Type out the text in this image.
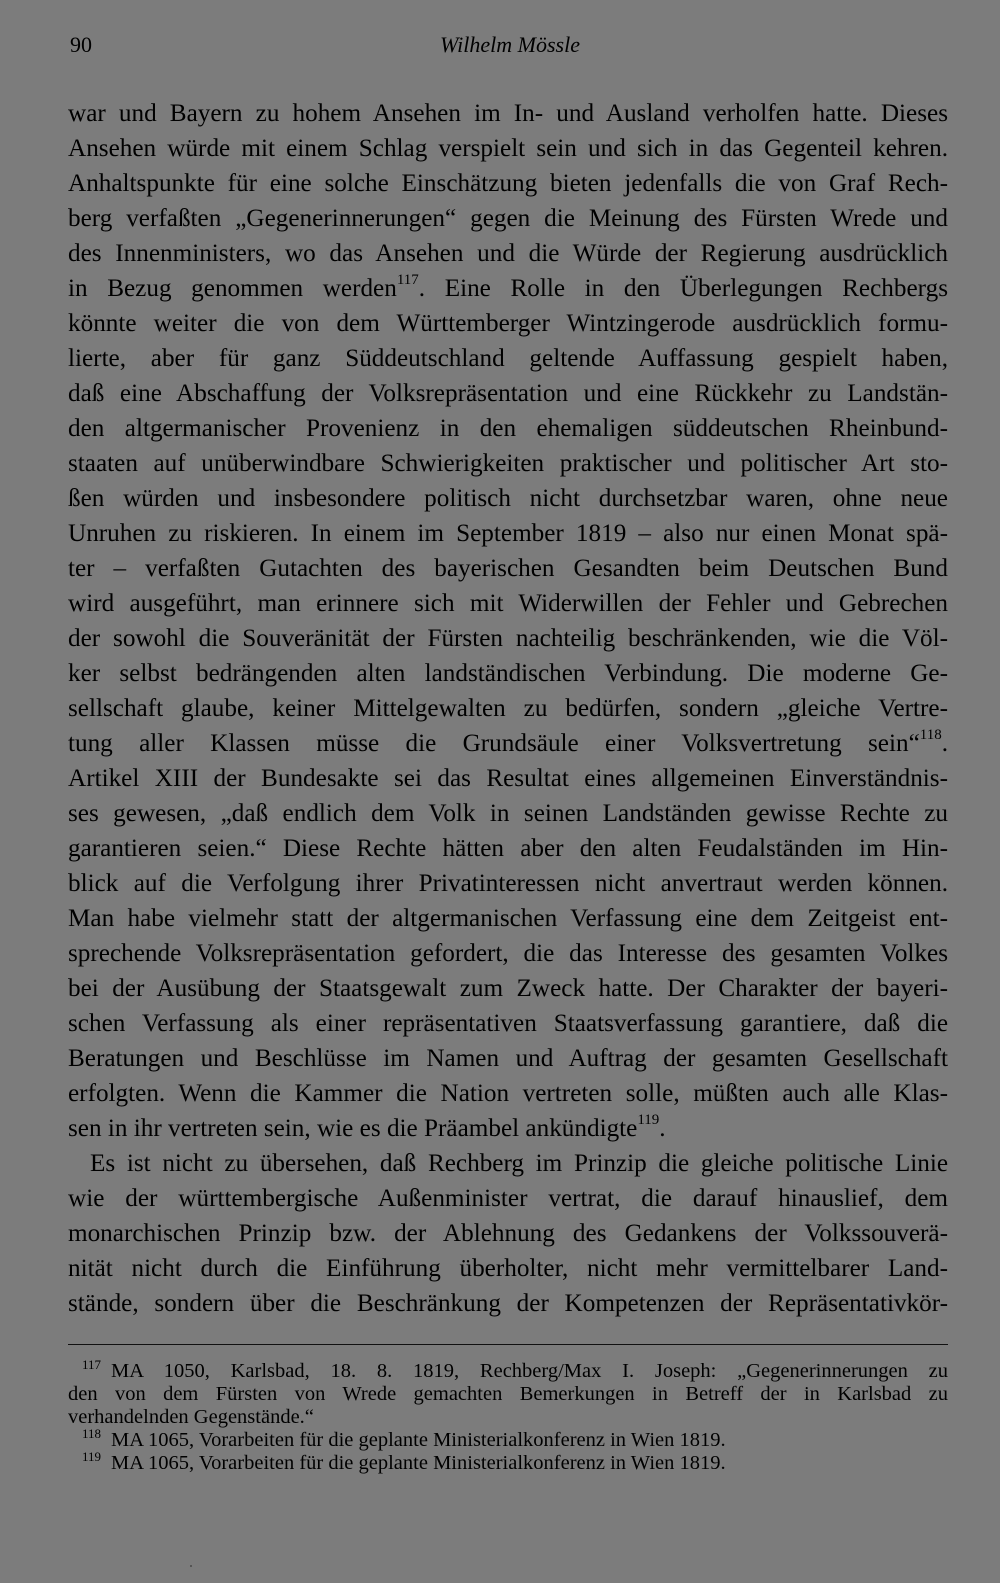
90	Wilhelm Mössle
war und Bayern zu hohem Ansehen im In- und Ausland verholfen hatte. Dieses
Ansehen würde mit einem Schlag verspielt sein und sich in das Gegenteil kehren.
Anhaltspunkte für eine solche Einschätzung bieten jedenfalls die von Graf Rech-
berg verfaßten „Gegenerinnerungen“ gegen die Meinung des Fürsten Wrede und
des Innenministers, wo das Ansehen und die Würde der Regierung ausdrücklich
in Bezug genommen werden$^{117}$. Eine Rolle in den Überlegungen Rechbergs
könnte weiter die von dem Württemberger Wintzingerode ausdrücklich formu-
lierte, aber für ganz Süddeutschland geltende Auffassung gespielt haben,
daß eine Abschaffung der Volksrepräsentation und eine Rückkehr zu Landstän-
den altgermanischer Provenienz in den ehemaligen süddeutschen Rheinbund-
staaten auf unüberwindbare Schwierigkeiten praktischer und politischer Art sto-
ßen würden und insbesondere politisch nicht durchsetzbar waren, ohne neue
Unruhen zu riskieren. In einem im September 1819 – also nur einen Monat spä-
ter – verfaßten Gutachten des bayerischen Gesandten beim Deutschen Bund
wird ausgeführt, man erinnere sich mit Widerwillen der Fehler und Gebrechen
der sowohl die Souveränität der Fürsten nachteilig beschränkenden, wie die Völ-
ker selbst bedrängenden alten landständischen Verbindung. Die moderne Ge-
sellschaft glaube, keiner Mittelgewalten zu bedürfen, sondern „gleiche Vertre-
tung aller Klassen müsse die Grundsäule einer Volksvertretung sein“$^{118}$.
Artikel XIII der Bundesakte sei das Resultat eines allgemeinen Einverständnis-
ses gewesen, „daß endlich dem Volk in seinen Landständen gewisse Rechte zu
garantieren seien.“ Diese Rechte hätten aber den alten Feudalständen im Hin-
blick auf die Verfolgung ihrer Privatinteressen nicht anvertraut werden können.
Man habe vielmehr statt der altgermanischen Verfassung eine dem Zeitgeist ent-
sprechende Volksrepräsentation gefordert, die das Interesse des gesamten Volkes
bei der Ausübung der Staatsgewalt zum Zweck hatte. Der Charakter der bayeri-
schen Verfassung als einer repräsentativen Staatsverfassung garantiere, daß die
Beratungen und Beschlüsse im Namen und Auftrag der gesamten Gesellschaft
erfolgten. Wenn die Kammer die Nation vertreten solle, müßten auch alle Klas-
sen in ihr vertreten sein, wie es die Präambel ankündigte$^{119}$.
Es ist nicht zu übersehen, daß Rechberg im Prinzip die gleiche politische Linie
wie der württembergische Außenminister vertrat, die darauf hinauslief, dem
monarchischen Prinzip bzw. der Ablehnung des Gedankens der Volkssouverä-
nität nicht durch die Einführung überholter, nicht mehr vermittelbarer Land-
stände, sondern über die Beschränkung der Kompetenzen der Repräsentativkör-
$^{117}$ MA 1050, Karlsbad, 18. 8. 1819, Rechberg/Max I. Joseph: „Gegenerinnerungen zu
den von dem Fürsten von Wrede gemachten Bemerkungen in Betreff der in Karlsbad zu
verhandelnden Gegenstände.“
$^{118}$ MA 1065, Vorarbeiten für die geplante Ministerialkonferenz in Wien 1819.
$^{119}$ MA 1065, Vorarbeiten für die geplante Ministerialkonferenz in Wien 1819.
